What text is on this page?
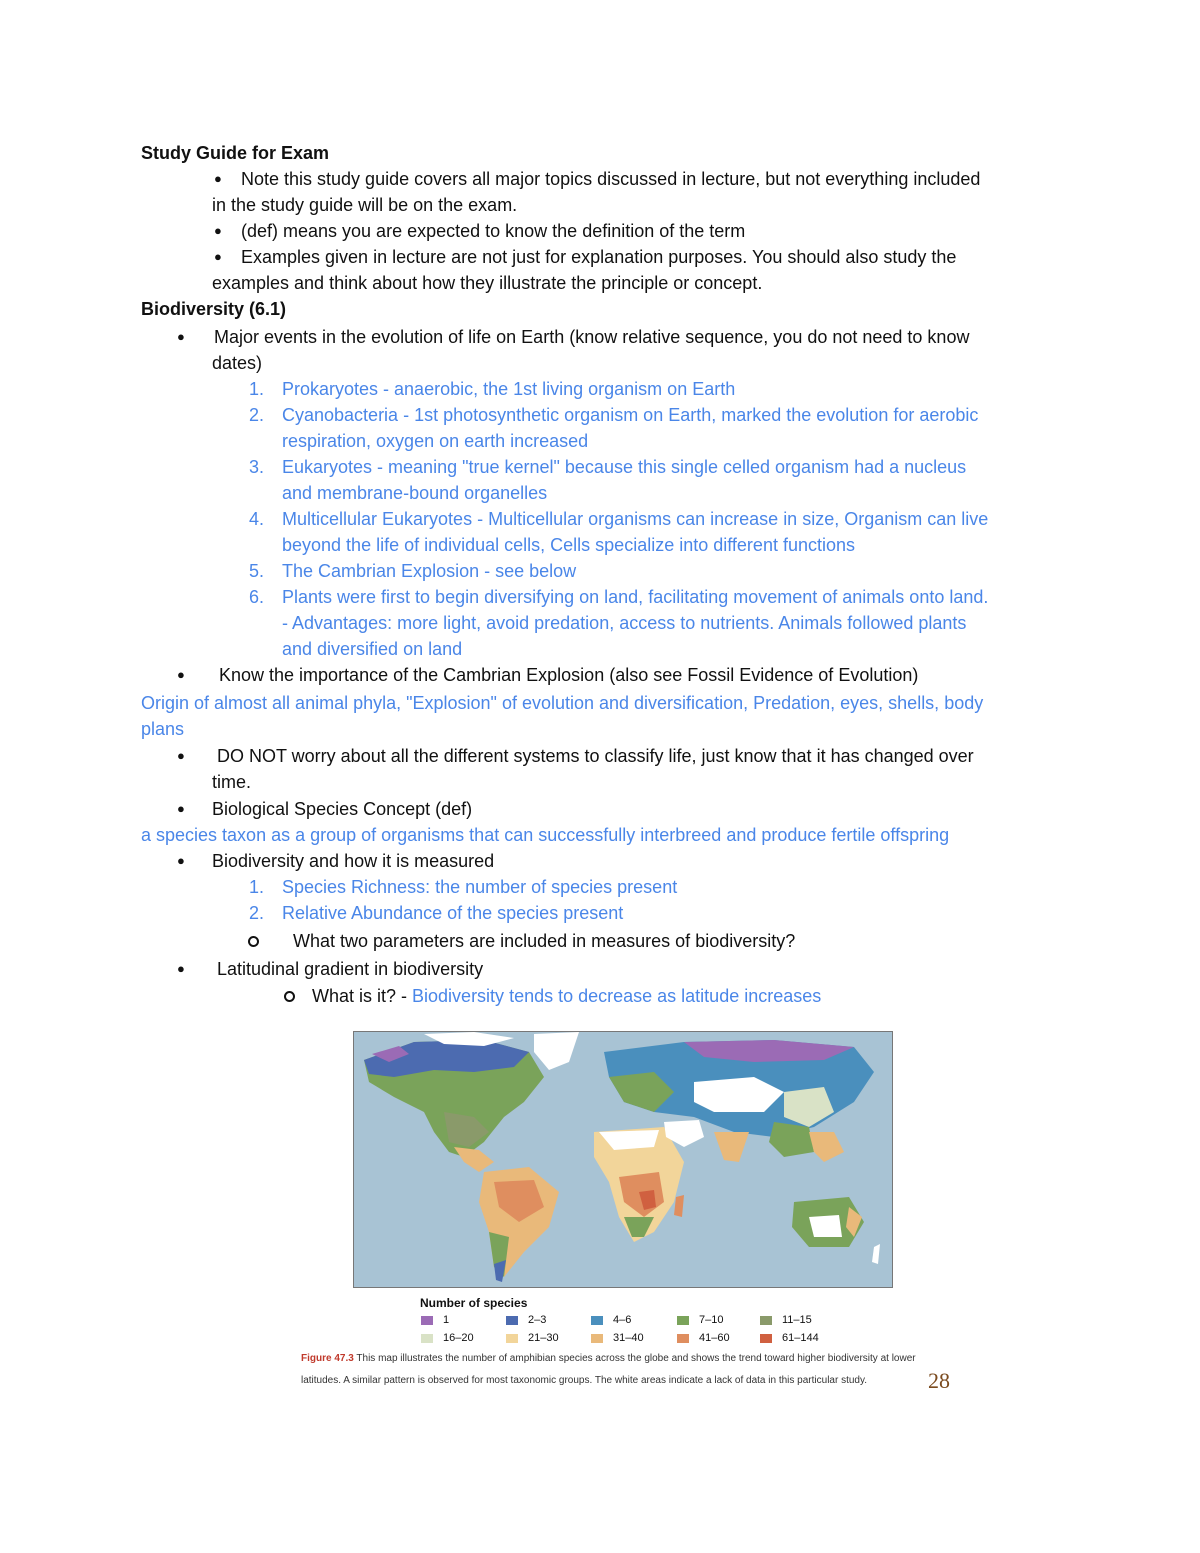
Study Guide for Exam
● Note this study guide covers all major topics discussed in lecture, but not everything included
in the study guide will be on the exam.
● (def) means you are expected to know the definition of the term
● Examples given in lecture are not just for explanation purposes. You should also study the
examples and think about how they illustrate the principle or concept.
Biodiversity (6.1)
● Major events in the evolution of life on Earth (know relative sequence, you do not need to know
dates)
1. Prokaryotes - anaerobic, the 1st living organism on Earth
2. Cyanobacteria - 1st photosynthetic organism on Earth, marked the evolution for aerobic
respiration, oxygen on earth increased
3. Eukaryotes - meaning "true kernel" because this single celled organism had a nucleus
and membrane-bound organelles
4. Multicellular Eukaryotes - Multicellular organisms can increase in size, Organism can live
beyond the life of individual cells, Cells specialize into different functions
5. The Cambrian Explosion - see below
6. Plants were first to begin diversifying on land, facilitating movement of animals onto land.
- Advantages: more light, avoid predation, access to nutrients. Animals followed plants
and diversified on land
● Know the importance of the Cambrian Explosion (also see Fossil Evidence of Evolution)
Origin of almost all animal phyla, "Explosion" of evolution and diversification, Predation, eyes, shells, body
plans
● DO NOT worry about all the different systems to classify life, just know that it has changed over
time.
● Biological Species Concept (def)
a species taxon as a group of organisms that can successfully interbreed and produce fertile offspring
● Biodiversity and how it is measured
1. Species Richness: the number of species present
2. Relative Abundance of the species present
What two parameters are included in measures of biodiversity?
● Latitudinal gradient in biodiversity
What is it? - Biodiversity tends to decrease as latitude increases
Number of species
1	2–3	4–6	7–10	11–15
16–20	21–30	31–40	41–60	61–144
Figure 47.3 This map illustrates the number of amphibian species across the globe and shows the trend toward higher biodiversity at lower
latitudes. A similar pattern is observed for most taxonomic groups. The white areas indicate a lack of data in this particular study.	28
